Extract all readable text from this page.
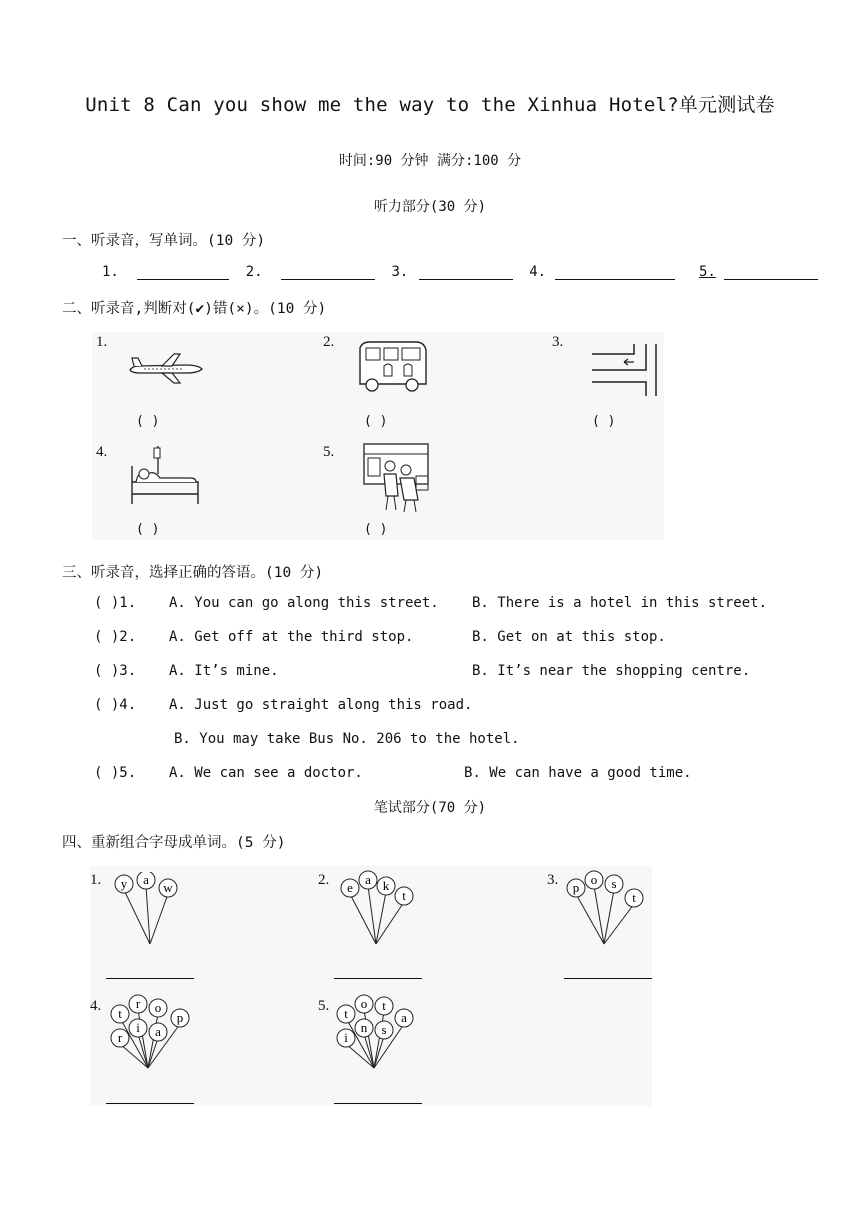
Unit 8 Can you show me the way to the Xinhua Hotel?单元测试卷
时间:90 分钟 满分:100 分
听力部分(30 分)
一、听录音，写单词。(10 分)
1.	2.	3.	4.	5.
二、听录音,判断对(✔)错(×)。(10 分)
1.
( )
2.
( )
3.
( )
4.
( )
5.
( )
三、听录音，选择正确的答语。(10 分)
( )1. A. You can go along this street. B. There is a hotel in this street.
( )2. A. Get off at the third stop.	B. Get on at this stop.
( )3. A. It’s mine.	B. It’s near the shopping centre.
( )4. A. Just go straight along this road.
B. You may take Bus No. 206 to the hotel.
( )5. A. We can see a doctor.	B. We can have a good time.
笔试部分(70 分)
四、重新组合字母成单词。(5 分)
1. y a
w	2. e
a k
t
3. p
o s
t
4. t
r o
i a
p
r
5. t
o t
a
n s
i
